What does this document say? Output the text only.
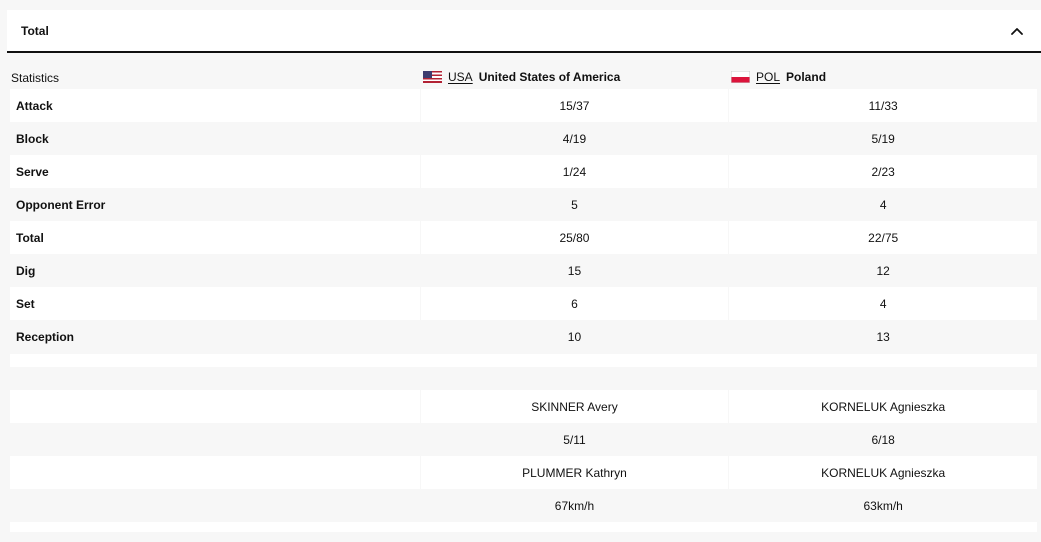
Total
Statistics	USA United States of America	POL Poland
Attack	15/37	11/33
Block	4/19	5/19
Serve	1/24	2/23
Opponent Error	5	4
Total	25/80	22/75
Dig	15	12
Set	6	4
Reception	10	13
SKINNER Avery	KORNELUK Agnieszka
5/11	6/18
PLUMMER Kathryn	KORNELUK Agnieszka
67km/h	63km/h
